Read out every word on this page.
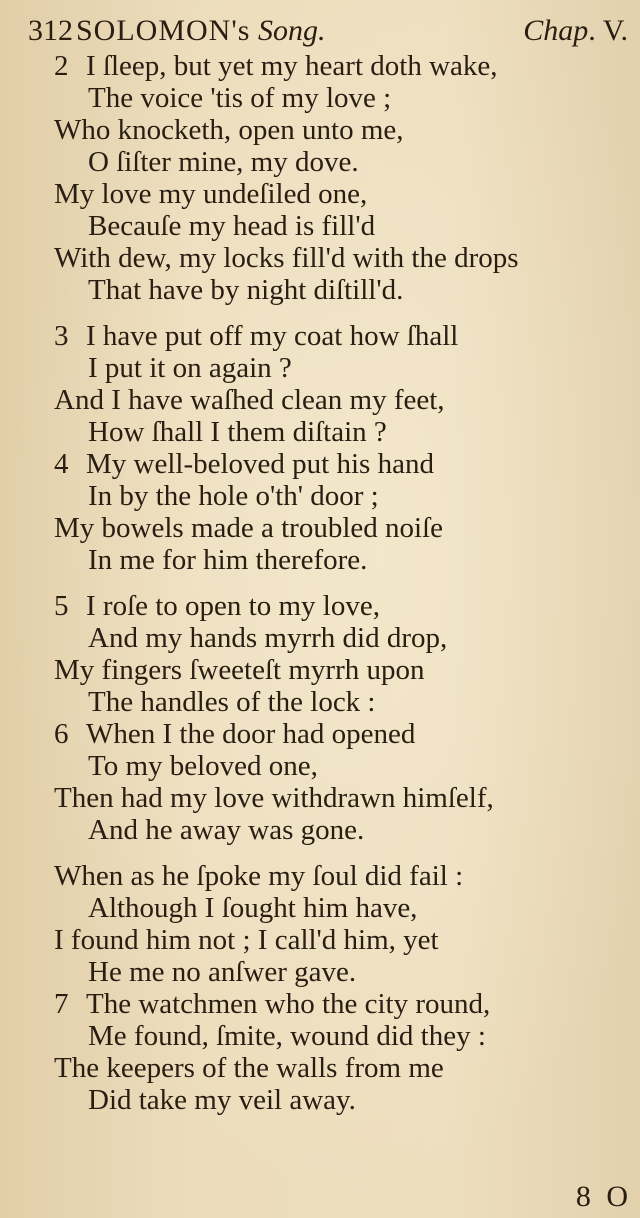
312 SOLOMON's Song.	Chap. V.
2 I ſleep, but yet my heart doth wake,
The voice 'tis of my love ;
Who knocketh, open unto me,
O ſiſter mine, my dove.
My love my undeſiled one,
Becauſe my head is fill'd
With dew, my locks fill'd with the drops
That have by night diſtill'd.
3 I have put off my coat how ſhall
I put it on again ?
And I have waſhed clean my feet,
How ſhall I them diſtain ?
4 My well-beloved put his hand
In by the hole o'th' door ;
My bowels made a troubled noiſe
In me for him therefore.
5 I roſe to open to my love,
And my hands myrrh did drop,
My fingers ſweeteſt myrrh upon
The handles of the lock :
6 When I the door had opened
To my beloved one,
Then had my love withdrawn himſelf,
And he away was gone.
When as he ſpoke my ſoul did fail :
Although I ſought him have,
I found him not ; I call'd him, yet
He me no anſwer gave.
7 The watchmen who the city round,
Me found, ſmite, wound did they :
The keepers of the walls from me
Did take my veil away.
8 O
